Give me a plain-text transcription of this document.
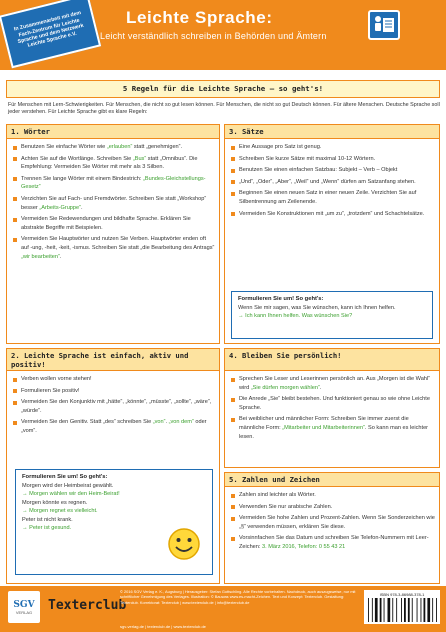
In Zusammenarbeit mit dem Fach-Zentrum für Leichte Sprache und dem Netzwerk Leichte Sprache e.V.
Leichte Sprache:
Leicht verständlich schreiben in Behörden und Ämtern
5 Regeln für die Leichte Sprache – so geht's!
Für Menschen mit Lern-Schwierigkeiten. Für Menschen, die nicht so gut lesen können. Für Menschen, die nicht so gut Deutsch können. Für ältere Menschen. Deutsche Sprache soll jeder verstehen. Für Leichte Sprache gibt es klare Regeln:
1. Wörter
Benutzen Sie einfache Wörter wie „erlauben“ statt „genehmigen“.
Achten Sie auf die Wortlänge. Schreiben Sie „Bus“ statt „Omnibus“. Die Empfehlung: Vermeiden Sie Wörter mit mehr als 3 Silben.
Trennen Sie lange Wörter mit einem Bindestrich: „Bundes-Gleichstellungs-Gesetz“
Verzichten Sie auf Fach- und Fremdwörter. Schreiben Sie statt „Workshop“ besser „Arbeits-Gruppe“.
Vermeiden Sie Redewendungen und bildhafte Sprache. Erklären Sie abstrakte Begriffe mit Beispielen.
Vermeiden Sie Hauptwörter und nutzen Sie Verben. Hauptwörter enden oft auf -ung, -heit, -keit, -ismus. Schreiben Sie statt „die Bearbeitung des Antrags“ „wir bearbeiten“.
3. Sätze
Eine Aussage pro Satz ist genug.
Schreiben Sie kurze Sätze mit maximal 10-12 Wörtern.
Benutzen Sie einen einfachen Satzbau: Subjekt – Verb – Objekt
„Und“, „Oder“, „Aber“, „Weil“ und „Wenn“ dürfen am Satzanfang stehen.
Beginnen Sie einen neuen Satz in einer neuen Zeile. Verzichten Sie auf Silbentrennung am Zeilenende.
Vermeiden Sie Konstruktionen mit „um zu“, „trotzdem“ und Schachtelsätze.
Formulieren Sie um! So geht's:
Wenn Sie mir sagen, was Sie wünschen, kann ich Ihnen helfen.
→ Ich kann Ihnen helfen. Was wünschen Sie?
2. Leichte Sprache ist einfach, aktiv und positiv!
Verben wollen vorne stehen!
Formulieren Sie positiv!
Vermeiden Sie den Konjunktiv mit „hätte“, „könnte“, „müsste“, „sollte“, „wäre“, „würde“.
Vermeiden Sie den Genitiv. Statt „des“ schreiben Sie „von“. „von dem“ oder „vom“.
Formulieren Sie um! So geht's:
Morgen wird der Heimbeirat gewählt.
→ Morgen wählen wir den Heim-Beirat!
Morgen könnte es regnen.
→ Morgen regnet es vielleicht.
Peter ist nicht krank.
→ Peter ist gesund.
4. Bleiben Sie persönlich!
Sprechen Sie Leser und Leserinnen persönlich an. Aus „Morgen ist die Wahl“ wird „Sie dürfen morgen wählen“.
Die Anrede „Sie“ bleibt bestehen. Und funktioniert genau so wie ohne Leichte Sprache.
Bei weiblicher und männlicher Form: Schreiben Sie immer zuerst die männliche Form: „Mitarbeiter und Mitarbeiterinnen“. So kann man es leichter lesen.
5. Zahlen und Zeichen
Zahlen sind leichter als Wörter.
Verwenden Sie nur arabische Zahlen.
Vermeiden Sie hohe Zahlen und Prozent-Zahlen. Wenn Sie Sonderzeichen wie „§“ verwenden müssen, erklären Sie diese.
Vorsinnfachen Sie das Datum und schreiben Sie Telefon-Nummern mit Leer-Zeichen: 3. März 2016, Telefon: 0 55 43 21
SGV
VERLAG Texterclub
© 2016 SGV Verlag e. K., Augsburg | Herausgeber: Stefan Gottschling. Alle Rechte vorbehalten. Nachdruck, auch auszugsweise, nur mit schriftlicher Genehmigung des Verlages. Illustration: © Bauwas www.es-macht-Zeichen. Text und Konzept: Texterclub. Gestaltung: Texterclub. Korrektorat: Texterclub | www.texterclub.de | info@texterclub.de
ISBN 978-3-86988-378-1
sgv-verlag.de | texterclub.de | www.texterclub.de
